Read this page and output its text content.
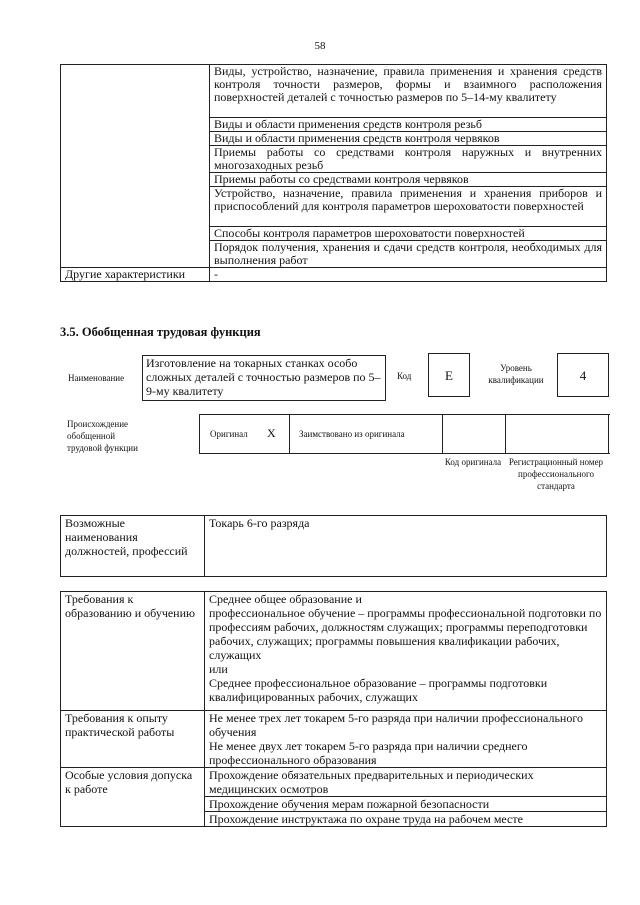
58
	Виды, устройство, назначение, правила применения и хранения средств контроля точности размеров, формы и взаимного расположения поверхностей деталей с точностью размеров по 5–14-му квалитету
	Виды и области применения средств контроля резьб
	Виды и области применения средств контроля червяков
	Приемы работы со средствами контроля наружных и внутренних многозаходных резьб
	Приемы работы со средствами контроля червяков
	Устройство, назначение, правила применения и хранения приборов и приспособлений для контроля параметров шероховатости поверхностей
	Способы контроля параметров шероховатости поверхностей
	Порядок получения, хранения и сдачи средств контроля, необходимых для выполнения работ
Другие характеристики	-
3.5. Обобщенная трудовая функция
Наименование
Изготовление на токарных станках особо сложных деталей с точностью размеров по 5–9-му квалитету
Код	Е	Уровень квалификации	4
Происхождение обобщенной трудовой функции
Оригинал Х	Заимствовано из оригинала
Код оригинала Регистрационный номер профессионального стандарта
Возможные наименования должностей, профессий	Токарь 6-го разряда
Требования к образованию и обучению	Среднее общее образование и
профессиональное обучение – программы профессиональной подготовки по профессиям рабочих, должностям служащих; программы переподготовки рабочих, служащих; программы повышения квалификации рабочих, служащих
или
Среднее профессиональное образование – программы подготовки квалифицированных рабочих, служащих
Требования к опыту практической работы	Не менее трех лет токарем 5-го разряда при наличии профессионального обучения
Не менее двух лет токарем 5-го разряда при наличии среднего профессионального образования
Особые условия допуска к работе	Прохождение обязательных предварительных и периодических медицинских осмотров
	Прохождение обучения мерам пожарной безопасности
	Прохождение инструктажа по охране труда на рабочем месте
